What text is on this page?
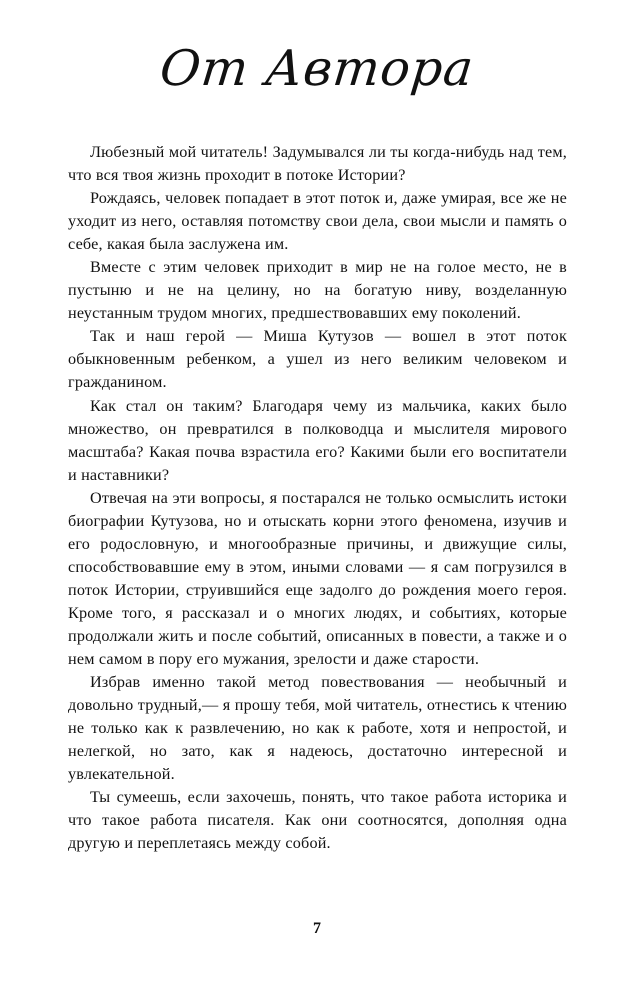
От Автора

Любезный мой читатель! Задумывался ли ты когда-нибудь над тем, что вся твоя жизнь проходит в потоке Истории?

Рождаясь, человек попадает в этот поток и, даже умирая, все же не уходит из него, оставляя потомству свои дела, свои мысли и память о себе, какая была заслужена им.

Вместе с этим человек приходит в мир не на голое место, не в пустыню и не на целину, но на богатую ниву, возделанную неустанным трудом многих, предшествовавших ему поколений.

Так и наш герой — Миша Кутузов — вошел в этот поток обыкновенным ребенком, а ушел из него великим человеком и гражданином.

Как стал он таким? Благодаря чему из мальчика, каких было множество, он превратился в полководца и мыслителя мирового масштаба? Какая почва взрастила его? Какими были его воспитатели и наставники?

Отвечая на эти вопросы, я постарался не только осмыслить истоки биографии Кутузова, но и отыскать корни этого феномена, изучив и его родословную, и многообразные причины, и движущие силы, способствовавшие ему в этом, иными словами — я сам погрузился в поток Истории, струившийся еще задолго до рождения моего героя. Кроме того, я рассказал и о многих людях, и событиях, которые продолжали жить и после событий, описанных в повести, а также и о нем самом в пору его мужания, зрелости и даже старости.

Избрав именно такой метод повествования — необычный и довольно трудный,— я прошу тебя, мой читатель, отнестись к чтению не только как к развлечению, но как к работе, хотя и непростой, и нелегкой, но зато, как я надеюсь, достаточно интересной и увлекательной.

Ты сумеешь, если захочешь, понять, что такое работа историка и что такое работа писателя. Как они соотносятся, дополняя одна другую и переплетаясь между собой.

7
